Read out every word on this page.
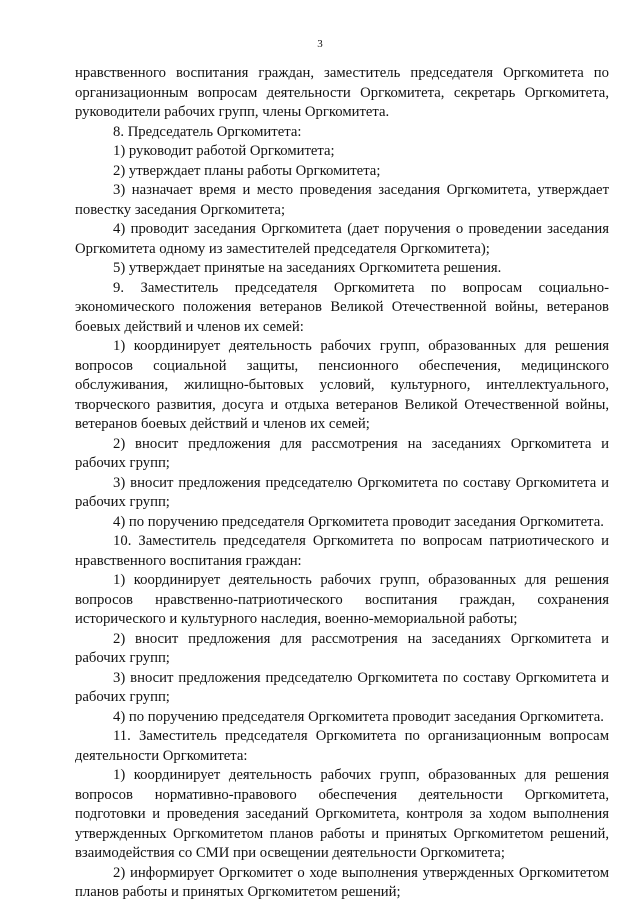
3

нравственного воспитания граждан, заместитель председателя Оргкомитета по организационным вопросам деятельности Оргкомитета, секретарь Оргкомитета, руководители рабочих групп, члены Оргкомитета.

8. Председатель Оргкомитета:

1) руководит работой Оргкомитета;

2) утверждает планы работы Оргкомитета;

3) назначает время и место проведения заседания Оргкомитета, утверждает повестку заседания Оргкомитета;

4) проводит заседания Оргкомитета (дает поручения о проведении заседания Оргкомитета одному из заместителей председателя Оргкомитета);

5) утверждает принятые на заседаниях Оргкомитета решения.

9. Заместитель председателя Оргкомитета по вопросам социально-экономического положения ветеранов Великой Отечественной войны, ветеранов боевых действий и членов их семей:

1) координирует деятельность рабочих групп, образованных для решения вопросов социальной защиты, пенсионного обеспечения, медицинского обслуживания, жилищно-бытовых условий, культурного, интеллектуального, творческого развития, досуга и отдыха ветеранов Великой Отечественной войны, ветеранов боевых действий и членов их семей;

2) вносит предложения для рассмотрения на заседаниях Оргкомитета и рабочих групп;

3) вносит предложения председателю Оргкомитета по составу Оргкомитета и рабочих групп;

4) по поручению председателя Оргкомитета проводит заседания Оргкомитета.

10. Заместитель председателя Оргкомитета по вопросам патриотического и нравственного воспитания граждан:

1) координирует деятельность рабочих групп, образованных для решения вопросов нравственно-патриотического воспитания граждан, сохранения исторического и культурного наследия, военно-мемориальной работы;

2) вносит предложения для рассмотрения на заседаниях Оргкомитета и рабочих групп;

3) вносит предложения председателю Оргкомитета по составу Оргкомитета и рабочих групп;

4) по поручению председателя Оргкомитета проводит заседания Оргкомитета.

11. Заместитель председателя Оргкомитета по организационным вопросам деятельности Оргкомитета:

1) координирует деятельность рабочих групп, образованных для решения вопросов нормативно-правового обеспечения деятельности Оргкомитета, подготовки и проведения заседаний Оргкомитета, контроля за ходом выполнения утвержденных Оргкомитетом планов работы и принятых Оргкомитетом решений, взаимодействия со СМИ при освещении деятельности Оргкомитета;

2) информирует Оргкомитет о ходе выполнения утвержденных Оргкомитетом планов работы и принятых Оргкомитетом решений;
